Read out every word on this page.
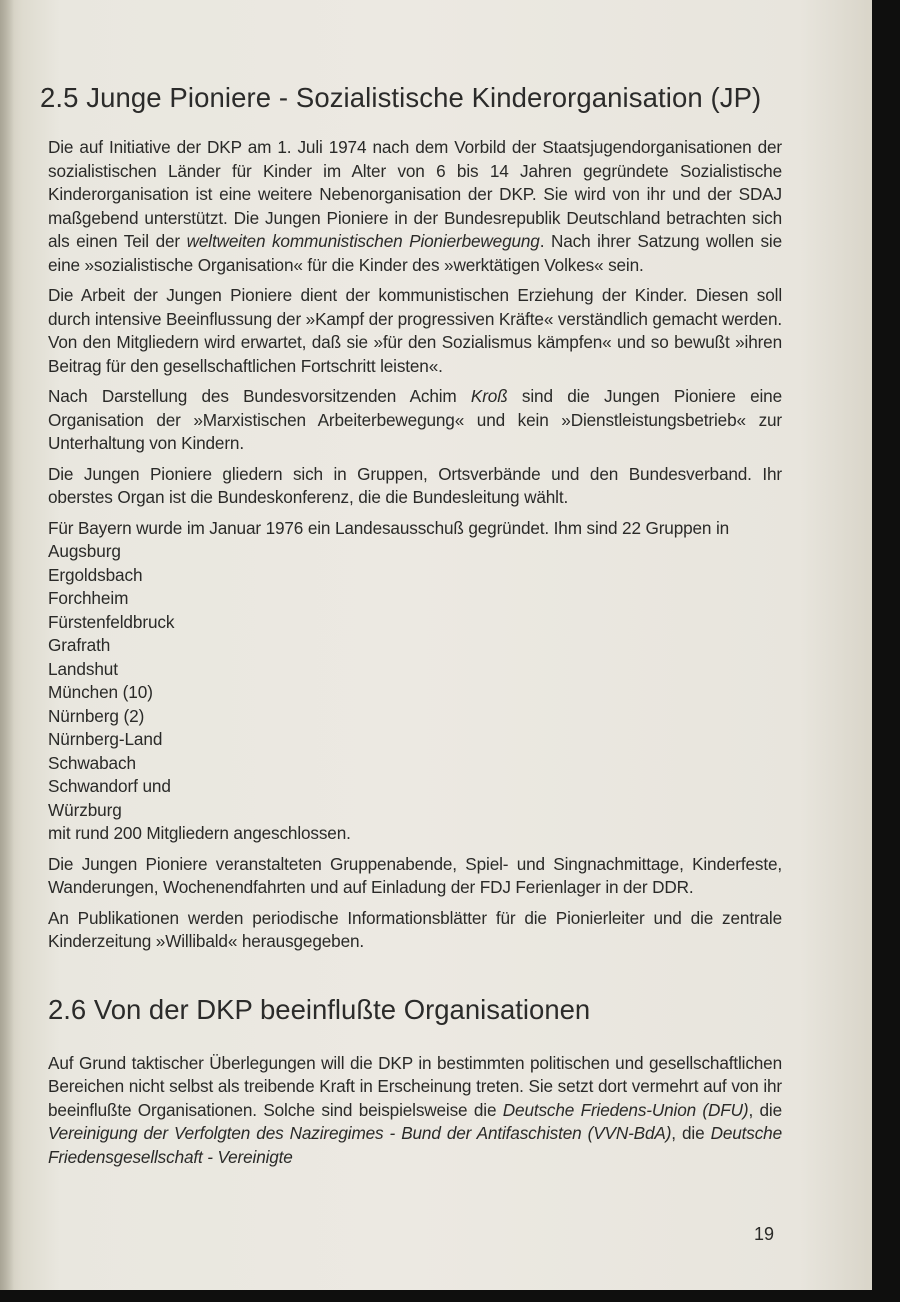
2.5 Junge Pioniere - Sozialistische Kinderorganisation (JP)

Die auf Initiative der DKP am 1. Juli 1974 nach dem Vorbild der Staatsjugendorganisationen der sozialistischen Länder für Kinder im Alter von 6 bis 14 Jahren gegründete Sozialistische Kinderorganisation ist eine weitere Nebenorganisation der DKP. Sie wird von ihr und der SDAJ maßgebend unterstützt. Die Jungen Pioniere in der Bundesrepublik Deutschland betrachten sich als einen Teil der weltweiten kommunistischen Pionierbewegung. Nach ihrer Satzung wollen sie eine »sozialistische Organisation« für die Kinder des »werktätigen Volkes« sein.

Die Arbeit der Jungen Pioniere dient der kommunistischen Erziehung der Kinder. Diesen soll durch intensive Beeinflussung der »Kampf der progressiven Kräfte« verständlich gemacht werden. Von den Mitgliedern wird erwartet, daß sie »für den Sozialismus kämpfen« und so bewußt »ihren Beitrag für den gesellschaftlichen Fortschritt leisten«.

Nach Darstellung des Bundesvorsitzenden Achim Kroß sind die Jungen Pioniere eine Organisation der »Marxistischen Arbeiterbewegung« und kein »Dienstleistungsbetrieb« zur Unterhaltung von Kindern.

Die Jungen Pioniere gliedern sich in Gruppen, Ortsverbände und den Bundesverband. Ihr oberstes Organ ist die Bundeskonferenz, die die Bundesleitung wählt.

Für Bayern wurde im Januar 1976 ein Landesausschuß gegründet. Ihm sind 22 Gruppen in

Augsburg
Ergoldsbach
Forchheim
Fürstenfeldbruck
Grafrath
Landshut
München (10)
Nürnberg (2)
Nürnberg-Land
Schwabach
Schwandorf und
Würzburg

mit rund 200 Mitgliedern angeschlossen.

Die Jungen Pioniere veranstalteten Gruppenabende, Spiel- und Singnachmittage, Kinderfeste, Wanderungen, Wochenendfahrten und auf Einladung der FDJ Ferienlager in der DDR.

An Publikationen werden periodische Informationsblätter für die Pionierleiter und die zentrale Kinderzeitung »Willibald« herausgegeben.

2.6 Von der DKP beeinflußte Organisationen

Auf Grund taktischer Überlegungen will die DKP in bestimmten politischen und gesellschaftlichen Bereichen nicht selbst als treibende Kraft in Erscheinung treten. Sie setzt dort vermehrt auf von ihr beeinflußte Organisationen. Solche sind beispielsweise die Deutsche Friedens-Union (DFU), die Vereinigung der Verfolgten des Naziregimes - Bund der Antifaschisten (VVN-BdA), die Deutsche Friedensgesellschaft - Vereinigte

19
